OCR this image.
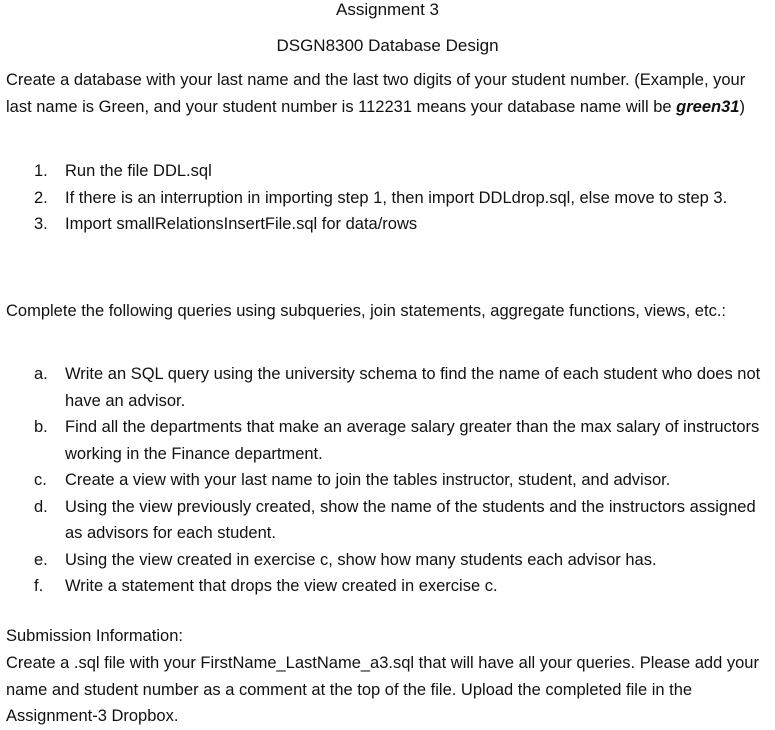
Assignment 3
DSGN8300 Database Design
Create a database with your last name and the last two digits of your student number. (Example, your last name is Green, and your student number is 112231 means your database name will be green31)
1. Run the file DDL.sql
2. If there is an interruption in importing step 1, then import DDLdrop.sql, else move to step 3.
3. Import smallRelationsInsertFile.sql for data/rows
Complete the following queries using subqueries, join statements, aggregate functions, views, etc.:
a. Write an SQL query using the university schema to find the name of each student who does not have an advisor.
b. Find all the departments that make an average salary greater than the max salary of instructors working in the Finance department.
c. Create a view with your last name to join the tables instructor, student, and advisor.
d. Using the view previously created, show the name of the students and the instructors assigned as advisors for each student.
e. Using the view created in exercise c, show how many students each advisor has.
f. Write a statement that drops the view created in exercise c.
Submission Information:
Create a .sql file with your FirstName_LastName_a3.sql that will have all your queries. Please add your name and student number as a comment at the top of the file. Upload the completed file in the Assignment-3 Dropbox.
